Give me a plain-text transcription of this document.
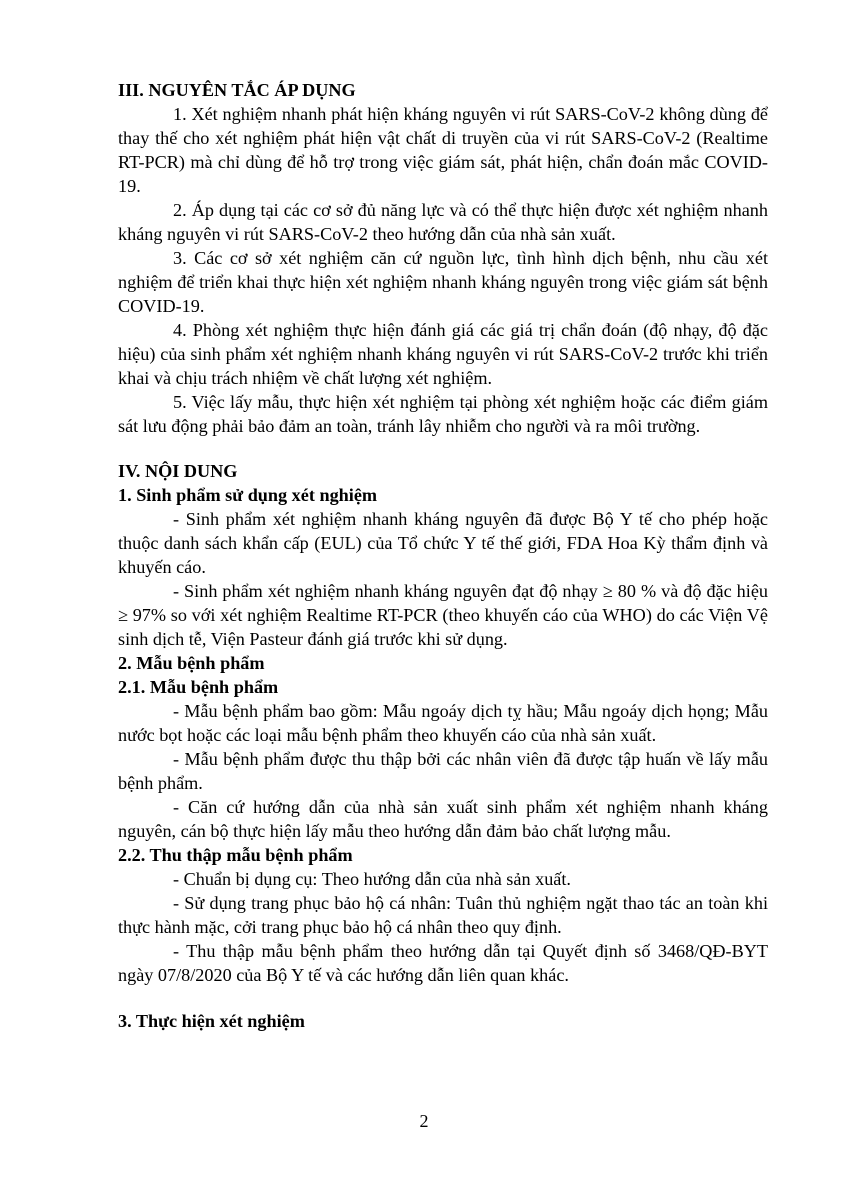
III. NGUYÊN TẮC ÁP DỤNG

1. Xét nghiệm nhanh phát hiện kháng nguyên vi rút SARS-CoV-2 không dùng để thay thế cho xét nghiệm phát hiện vật chất di truyền của vi rút SARS-CoV-2 (Realtime RT-PCR) mà chỉ dùng để hỗ trợ trong việc giám sát, phát hiện, chẩn đoán mắc COVID-19.

2. Áp dụng tại các cơ sở đủ năng lực và có thể thực hiện được xét nghiệm nhanh kháng nguyên vi rút SARS-CoV-2 theo hướng dẫn của nhà sản xuất.

3. Các cơ sở xét nghiệm căn cứ nguồn lực, tình hình dịch bệnh, nhu cầu xét nghiệm để triển khai thực hiện xét nghiệm nhanh kháng nguyên trong việc giám sát bệnh COVID-19.

4. Phòng xét nghiệm thực hiện đánh giá các giá trị chẩn đoán (độ nhạy, độ đặc hiệu) của sinh phẩm xét nghiệm nhanh kháng nguyên vi rút SARS-CoV-2 trước khi triển khai và chịu trách nhiệm về chất lượng xét nghiệm.

5. Việc lấy mẫu, thực hiện xét nghiệm tại phòng xét nghiệm hoặc các điểm giám sát lưu động phải bảo đảm an toàn, tránh lây nhiễm cho người và ra môi trường.

IV. NỘI DUNG

1. Sinh phẩm sử dụng xét nghiệm

- Sinh phẩm xét nghiệm nhanh kháng nguyên đã được Bộ Y tế cho phép hoặc thuộc danh sách khẩn cấp (EUL) của Tổ chức Y tế thế giới, FDA Hoa Kỳ thẩm định và khuyến cáo.

- Sinh phẩm xét nghiệm nhanh kháng nguyên đạt độ nhạy ≥ 80 % và độ đặc hiệu ≥ 97% so với xét nghiệm Realtime RT-PCR (theo khuyến cáo của WHO) do các Viện Vệ sinh dịch tễ, Viện Pasteur đánh giá trước khi sử dụng.

2. Mẫu bệnh phẩm

2.1. Mẫu bệnh phẩm

- Mẫu bệnh phẩm bao gồm: Mẫu ngoáy dịch tỵ hầu; Mẫu ngoáy dịch họng; Mẫu nước bọt hoặc các loại mẫu bệnh phẩm theo khuyến cáo của nhà sản xuất.

- Mẫu bệnh phẩm được thu thập bởi các nhân viên đã được tập huấn về lấy mẫu bệnh phẩm.

- Căn cứ hướng dẫn của nhà sản xuất sinh phẩm xét nghiệm nhanh kháng nguyên, cán bộ thực hiện lấy mẫu theo hướng dẫn đảm bảo chất lượng mẫu.

2.2. Thu thập mẫu bệnh phẩm

- Chuẩn bị dụng cụ: Theo hướng dẫn của nhà sản xuất.

- Sử dụng trang phục bảo hộ cá nhân: Tuân thủ nghiệm ngặt thao tác an toàn khi thực hành mặc, cởi trang phục bảo hộ cá nhân theo quy định.

- Thu thập mẫu bệnh phẩm theo hướng dẫn tại Quyết định số 3468/QĐ-BYT ngày 07/8/2020 của Bộ Y tế và các hướng dẫn liên quan khác.

3. Thực hiện xét nghiệm

2
